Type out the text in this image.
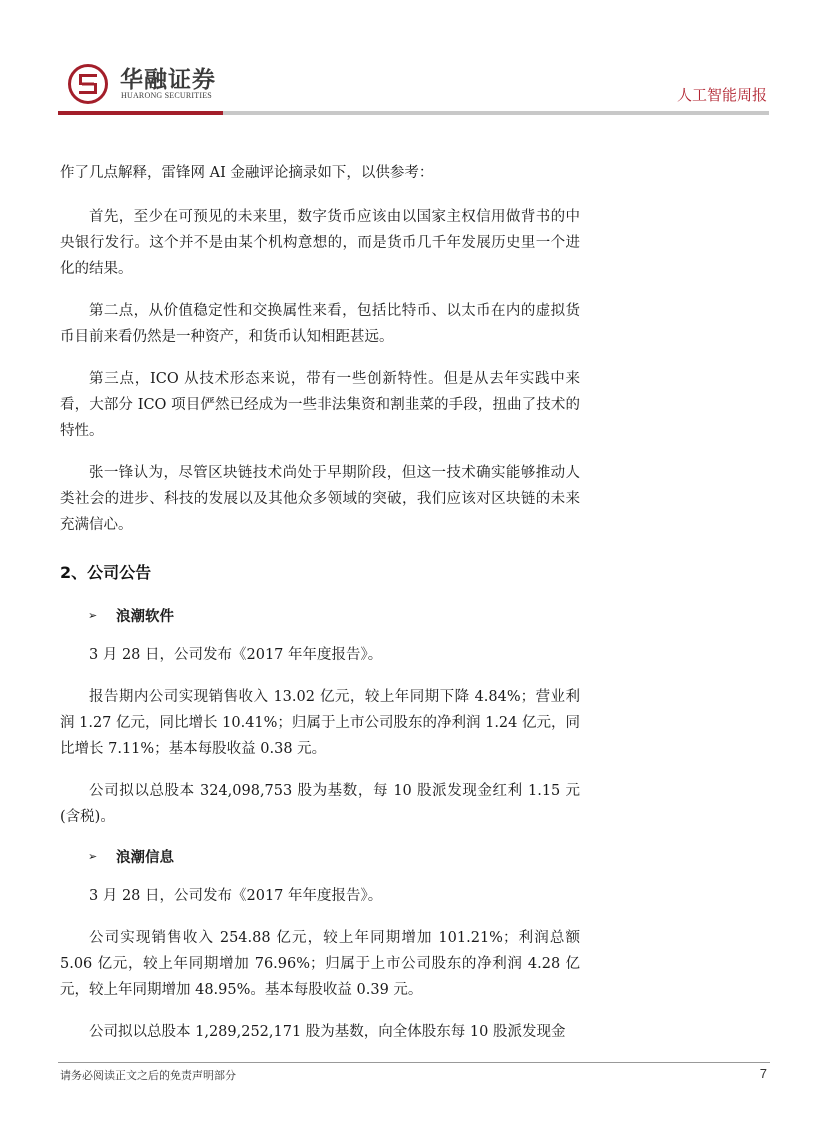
华融证券
HUARONG SECURITIES	人工智能周报

作了几点解释，雷锋网 AI 金融评论摘录如下，以供参考：

首先，至少在可预见的未来里，数字货币应该由以国家主权信用做背书的中央银行发行。这个并不是由某个机构意想的，而是货币几千年发展历史里一个进化的结果。

第二点，从价值稳定性和交换属性来看，包括比特币、以太币在内的虚拟货币目前来看仍然是一种资产，和货币认知相距甚远。

第三点，ICO 从技术形态来说，带有一些创新特性。但是从去年实践中来看，大部分 ICO 项目俨然已经成为一些非法集资和割韭菜的手段，扭曲了技术的特性。

张一锋认为，尽管区块链技术尚处于早期阶段，但这一技术确实能够推动人类社会的进步、科技的发展以及其他众多领域的突破，我们应该对区块链的未来充满信心。

2、公司公告
➢	浪潮软件

3 月 28 日，公司发布《2017 年年度报告》。

报告期内公司实现销售收入 13.02 亿元，较上年同期下降 4.84%；营业利润 1.27 亿元，同比增长 10.41%；归属于上市公司股东的净利润 1.24 亿元，同比增长 7.11%；基本每股收益 0.38 元。

公司拟以总股本 324,098,753 股为基数，每 10 股派发现金红利 1.15 元(含税)。

➢	浪潮信息

3 月 28 日，公司发布《2017 年年度报告》。

公司实现销售收入 254.88 亿元，较上年同期增加 101.21%；利润总额 5.06 亿元，较上年同期增加 76.96%；归属于上市公司股东的净利润 4.28 亿元，较上年同期增加 48.95%。基本每股收益 0.39 元。

公司拟以总股本 1,289,252,171 股为基数，向全体股东每 10 股派发现金

请务必阅读正文之后的免责声明部分	7
